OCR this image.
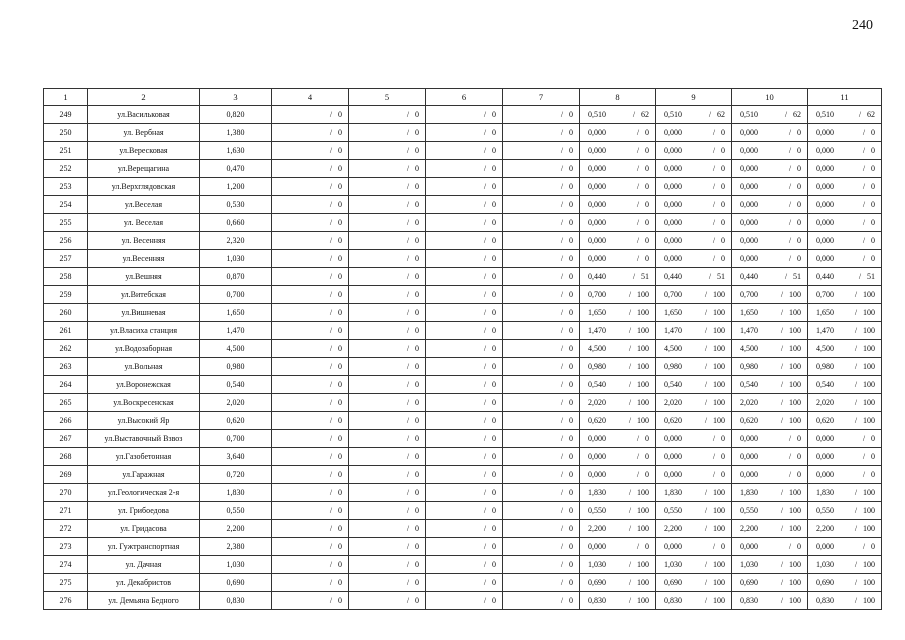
240
1	2	3	4	5	6	7	8	9	10	11
249	ул.Васильковая	0,820	/ 0	/ 0	/ 0	/ 0	0,510 / 62	0,510 / 62	0,510 / 62	0,510 / 62
250	ул. Вербная	1,380	/ 0	/ 0	/ 0	/ 0	0,000 / 0	0,000 / 0	0,000 / 0	0,000 / 0
251	ул.Вересковая	1,630	/ 0	/ 0	/ 0	/ 0	0,000 / 0	0,000 / 0	0,000 / 0	0,000 / 0
252	ул.Верещагина	0,470	/ 0	/ 0	/ 0	/ 0	0,000 / 0	0,000 / 0	0,000 / 0	0,000 / 0
253	ул.Верхглядовская	1,200	/ 0	/ 0	/ 0	/ 0	0,000 / 0	0,000 / 0	0,000 / 0	0,000 / 0
254	ул.Веселая	0,530	/ 0	/ 0	/ 0	/ 0	0,000 / 0	0,000 / 0	0,000 / 0	0,000 / 0
255	ул. Веселая	0,660	/ 0	/ 0	/ 0	/ 0	0,000 / 0	0,000 / 0	0,000 / 0	0,000 / 0
256	ул. Весенняя	2,320	/ 0	/ 0	/ 0	/ 0	0,000 / 0	0,000 / 0	0,000 / 0	0,000 / 0
257	ул.Весенняя	1,030	/ 0	/ 0	/ 0	/ 0	0,000 / 0	0,000 / 0	0,000 / 0	0,000 / 0
258	ул.Вешняя	0,870	/ 0	/ 0	/ 0	/ 0	0,440 / 51	0,440 / 51	0,440 / 51	0,440 / 51
259	ул.Витебская	0,700	/ 0	/ 0	/ 0	/ 0	0,700 / 100	0,700 / 100	0,700 / 100	0,700 / 100
260	ул.Вишневая	1,650	/ 0	/ 0	/ 0	/ 0	1,650 / 100	1,650 / 100	1,650 / 100	1,650 / 100
261	ул.Власиха станция	1,470	/ 0	/ 0	/ 0	/ 0	1,470 / 100	1,470 / 100	1,470 / 100	1,470 / 100
262	ул.Водозаборная	4,500	/ 0	/ 0	/ 0	/ 0	4,500 / 100	4,500 / 100	4,500 / 100	4,500 / 100
263	ул.Вольная	0,980	/ 0	/ 0	/ 0	/ 0	0,980 / 100	0,980 / 100	0,980 / 100	0,980 / 100
264	ул.Воронежская	0,540	/ 0	/ 0	/ 0	/ 0	0,540 / 100	0,540 / 100	0,540 / 100	0,540 / 100
265	ул.Воскресенская	2,020	/ 0	/ 0	/ 0	/ 0	2,020 / 100	2,020 / 100	2,020 / 100	2,020 / 100
266	ул.Высокий Яр	0,620	/ 0	/ 0	/ 0	/ 0	0,620 / 100	0,620 / 100	0,620 / 100	0,620 / 100
267	ул.Выставочный Взвоз	0,700	/ 0	/ 0	/ 0	/ 0	0,000 / 0	0,000 / 0	0,000 / 0	0,000 / 0
268	ул.Газобетонная	3,640	/ 0	/ 0	/ 0	/ 0	0,000 / 0	0,000 / 0	0,000 / 0	0,000 / 0
269	ул.Гаражная	0,720	/ 0	/ 0	/ 0	/ 0	0,000 / 0	0,000 / 0	0,000 / 0	0,000 / 0
270	ул.Геологическая 2-я	1,830	/ 0	/ 0	/ 0	/ 0	1,830 / 100	1,830 / 100	1,830 / 100	1,830 / 100
271	ул. Грибоедова	0,550	/ 0	/ 0	/ 0	/ 0	0,550 / 100	0,550 / 100	0,550 / 100	0,550 / 100
272	ул. Гридасова	2,200	/ 0	/ 0	/ 0	/ 0	2,200 / 100	2,200 / 100	2,200 / 100	2,200 / 100
273	ул. Гужтранспортная	2,380	/ 0	/ 0	/ 0	/ 0	0,000 / 0	0,000 / 0	0,000 / 0	0,000 / 0
274	ул. Дачная	1,030	/ 0	/ 0	/ 0	/ 0	1,030 / 100	1,030 / 100	1,030 / 100	1,030 / 100
275	ул. Декабристов	0,690	/ 0	/ 0	/ 0	/ 0	0,690 / 100	0,690 / 100	0,690 / 100	0,690 / 100
276	ул. Демьяна Бедного	0,830	/ 0	/ 0	/ 0	/ 0	0,830 / 100	0,830 / 100	0,830 / 100	0,830 / 100
